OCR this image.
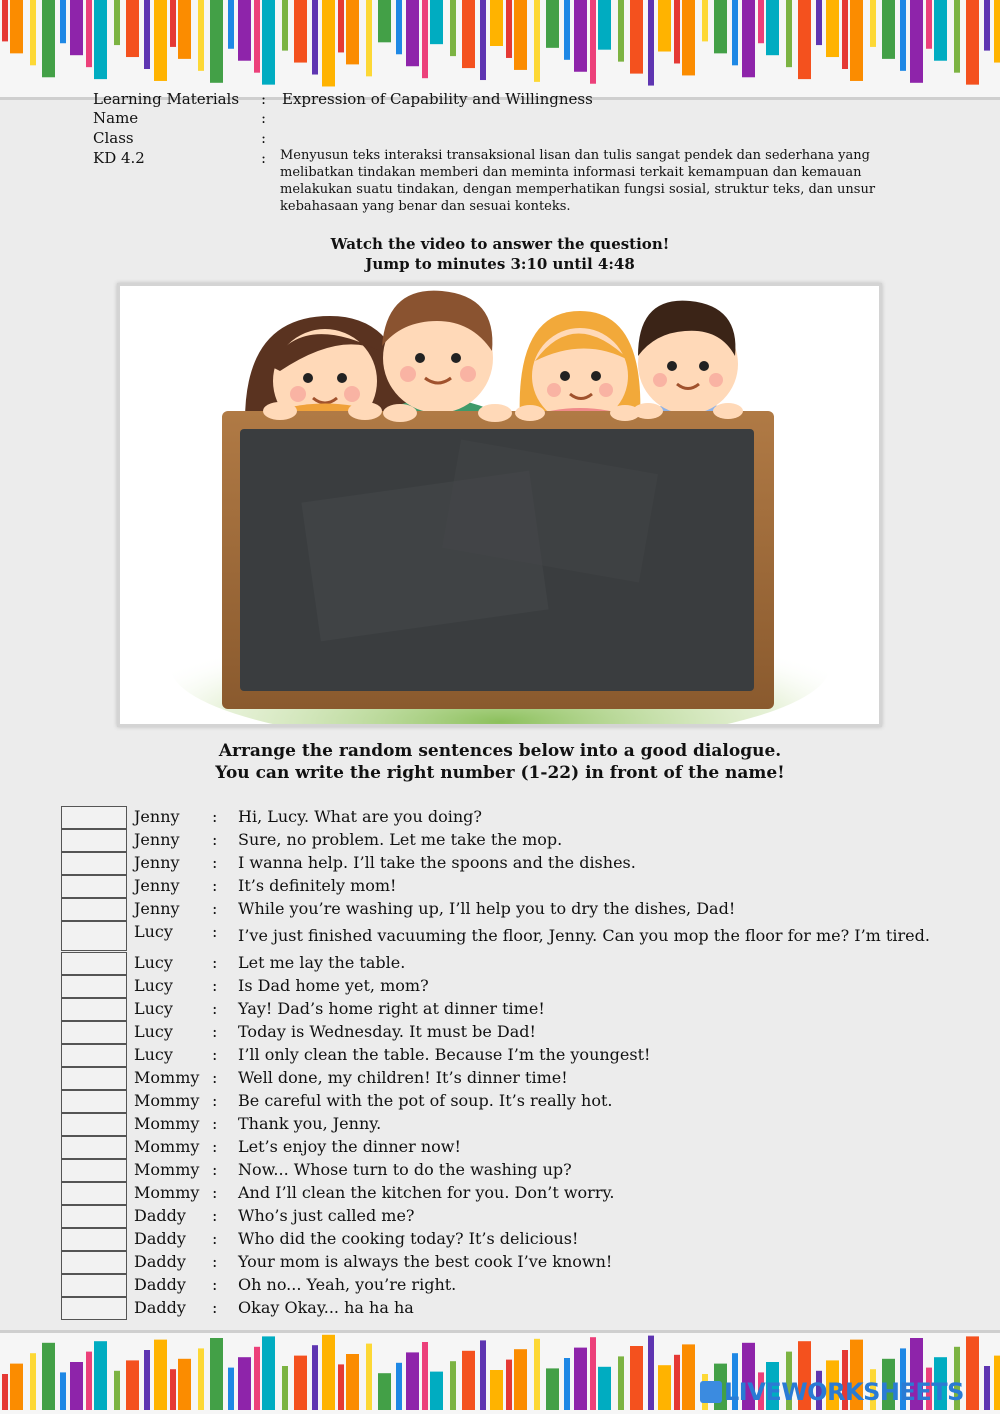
Learning Materials : Expression of Capability and Willingness
Name	:
Class	:
KD 4.2	: Menyusun teks interaksi transaksional lisan dan tulis sangat pendek dan sederhana yang melibatkan tindakan memberi dan meminta informasi terkait kemampuan dan kemauan melakukan suatu tindakan, dengan memperhatikan fungsi sosial, struktur teks, dan unsur kebahasaan yang benar dan sesuai konteks.
Watch the video to answer the question!
Jump to minutes 3:10 until 4:48
Arrange the random sentences below into a good dialogue.
You can write the right number (1-22) in front of the name!
Jenny : Hi, Lucy. What are you doing?
Jenny : Sure, no problem. Let me take the mop.
Jenny : I wanna help. I’ll take the spoons and the dishes.
Jenny : It’s definitely mom!
Jenny : While you’re washing up, I’ll help you to dry the dishes, Dad!
Lucy : I’ve just finished vacuuming the floor, Jenny. Can you mop the floor for me? I’m tired.
Lucy : Let me lay the table.
Lucy : Is Dad home yet, mom?
Lucy : Yay! Dad’s home right at dinner time!
Lucy : Today is Wednesday. It must be Dad!
Lucy : I’ll only clean the table. Because I’m the youngest!
Mommy : Well done, my children! It’s dinner time!
Mommy : Be careful with the pot of soup. It’s really hot.
Mommy : Thank you, Jenny.
Mommy : Let’s enjoy the dinner now!
Mommy : Now... Whose turn to do the washing up?
Mommy : And I’ll clean the kitchen for you. Don’t worry.
Daddy : Who’s just called me?
Daddy : Who did the cooking today? It’s delicious!
Daddy : Your mom is always the best cook I’ve known!
Daddy : Oh no... Yeah, you’re right.
Daddy : Okay Okay... ha ha ha
LIVEWORKSHEETS
